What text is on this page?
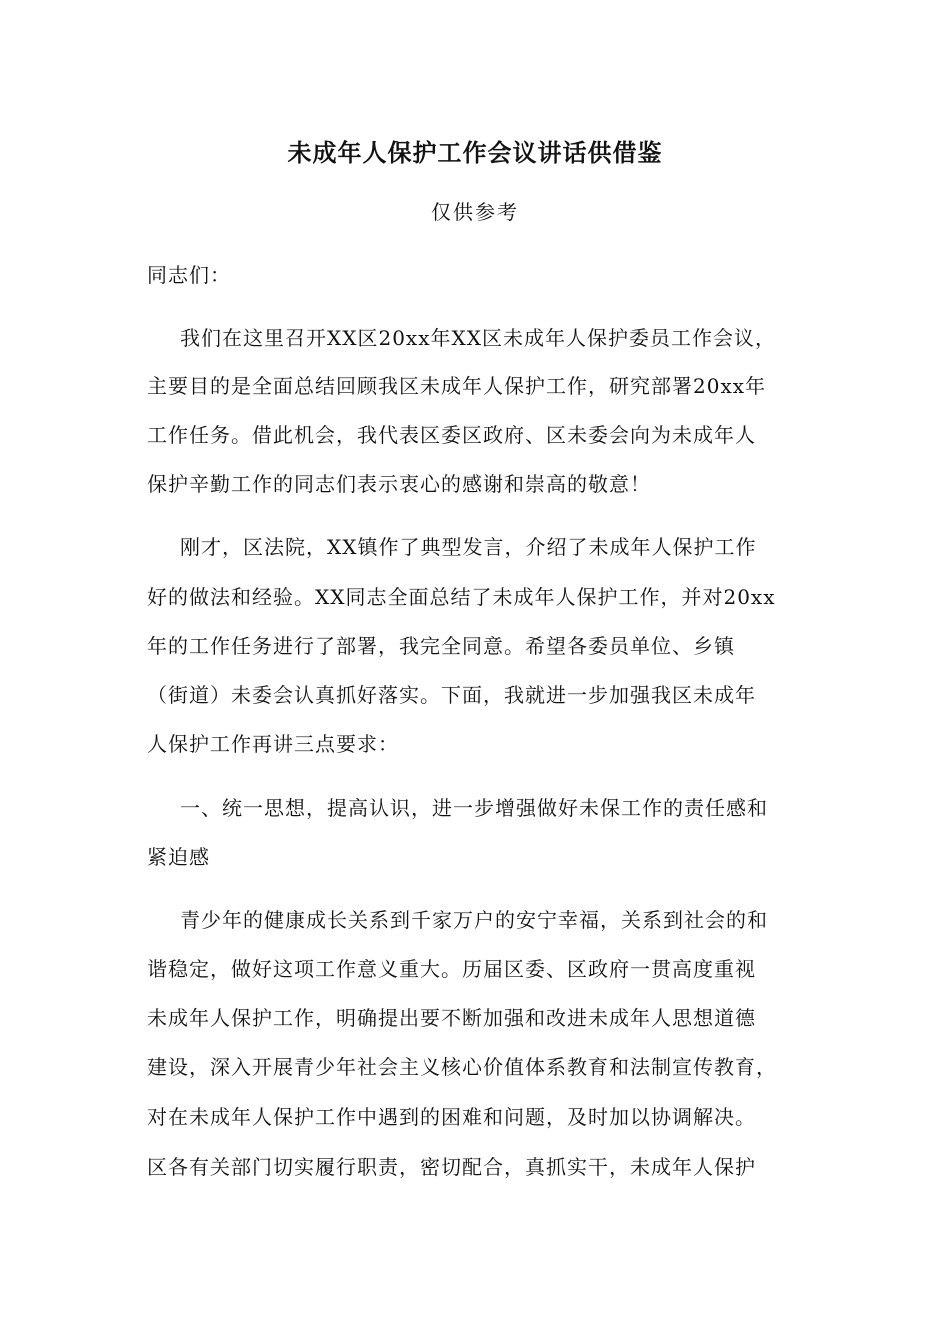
未成年人保护工作会议讲话供借鉴
仅供参考
同志们：
我们在这里召开XX区20xx年XX区未成年人保护委员工作会议，
主要目的是全面总结回顾我区未成年人保护工作，研究部署20xx年
工作任务。借此机会，我代表区委区政府、区未委会向为未成年人
保护辛勤工作的同志们表示衷心的感谢和崇高的敬意！
刚才，区法院，XX镇作了典型发言，介绍了未成年人保护工作
好的做法和经验。XX同志全面总结了未成年人保护工作，并对20xx
年的工作任务进行了部署，我完全同意。希望各委员单位、乡镇
（街道）未委会认真抓好落实。下面，我就进一步加强我区未成年
人保护工作再讲三点要求：
一、统一思想，提高认识，进一步增强做好未保工作的责任感和
紧迫感
青少年的健康成长关系到千家万户的安宁幸福，关系到社会的和
谐稳定，做好这项工作意义重大。历届区委、区政府一贯高度重视
未成年人保护工作，明确提出要不断加强和改进未成年人思想道德
建设，深入开展青少年社会主义核心价值体系教育和法制宣传教育，
对在未成年人保护工作中遇到的困难和问题，及时加以协调解决。
区各有关部门切实履行职责，密切配合，真抓实干，未成年人保护
